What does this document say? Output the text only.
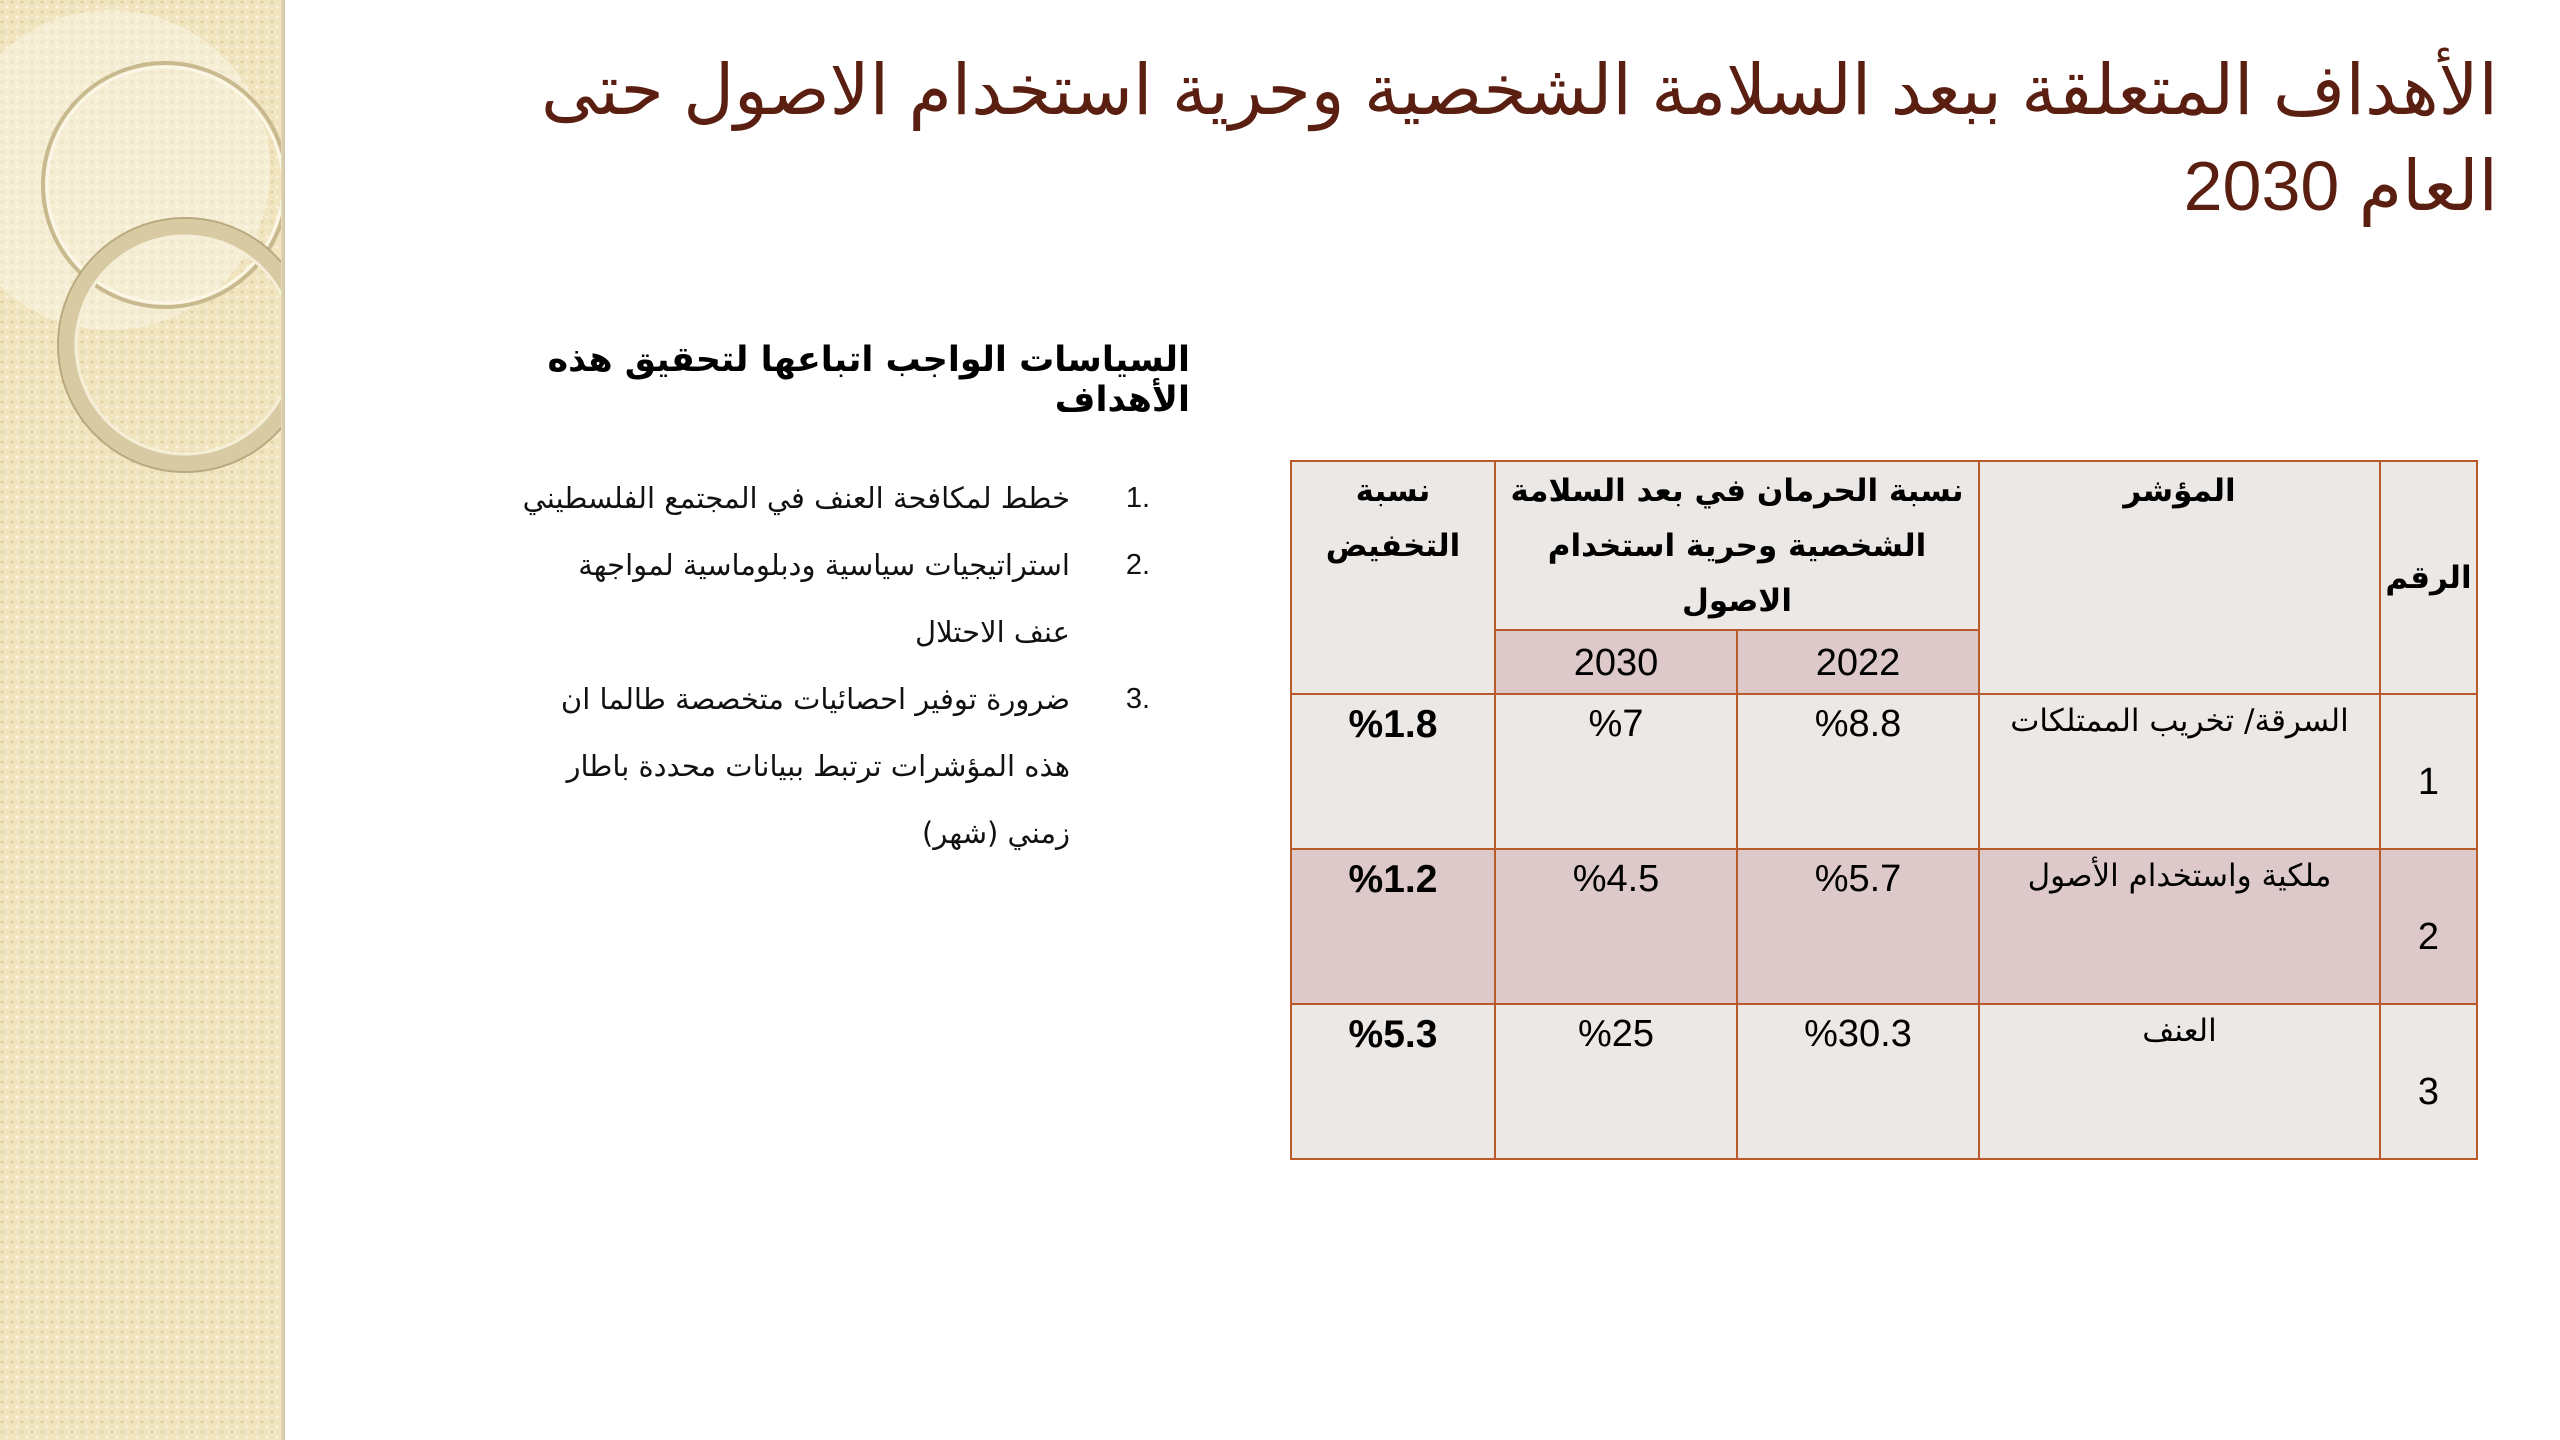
الأهداف المتعلقة ببعد السلامة الشخصية وحرية استخدام الاصول حتى العام 2030
السياسات الواجب اتباعها لتحقيق هذه الأهداف
1.
خطط لمكافحة العنف في المجتمع الفلسطيني
2.
استراتيجيات سياسية ودبلوماسية لمواجهة عنف الاحتلال
3.
ضرورة توفير احصائيات متخصصة طالما ان هذه المؤشرات ترتبط ببيانات محددة باطار زمني (شهر)
الرقم	المؤشر	نسبة الحرمان في بعد السلامة الشخصية وحرية استخدام الاصول		نسبة التخفيض
		2022	2030	
1	السرقة/ تخريب الممتلكات	%8.8	%7	%1.8
2	ملكية واستخدام الأصول	%5.7	%4.5	%1.2
3	العنف	%30.3	%25	%5.3
